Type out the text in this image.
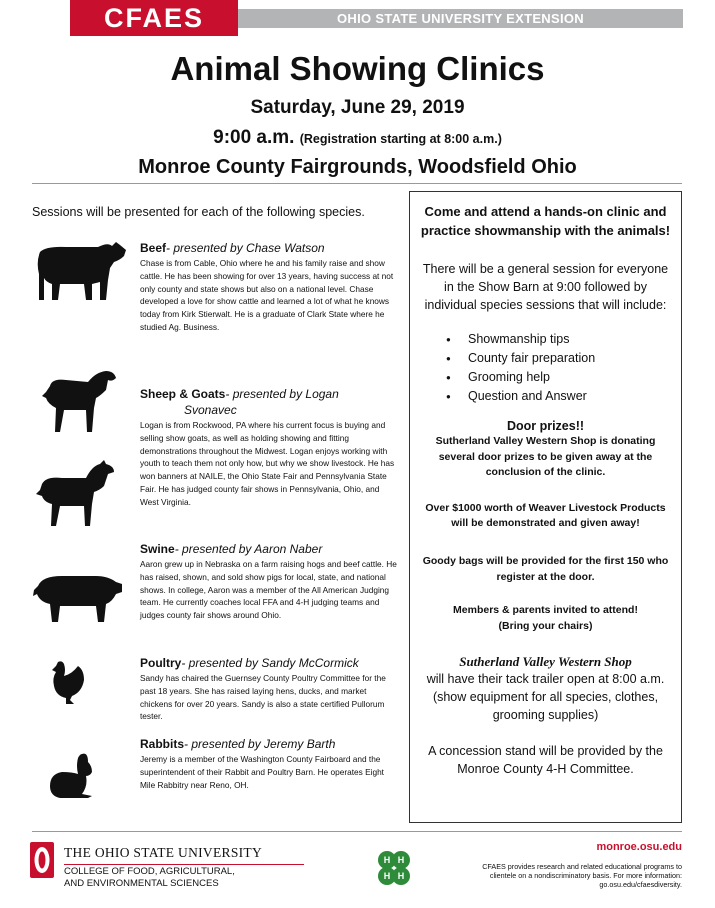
CFAES	OHIO STATE UNIVERSITY EXTENSION
Animal Showing Clinics
Saturday, June 29, 2019
9:00 a.m. (Registration starting at 8:00 a.m.)
Monroe County Fairgrounds, Woodsfield Ohio
Sessions will be presented for each of the following species.
Beef- presented by Chase Watson

Chase is from Cable, Ohio where he and his family raise and show cattle. He has been showing for over 13 years, having success at not only county and state shows but also on a national level. Chase developed a love for show cattle and learned a lot of what he knows today from Kirk Stierwalt. He is a graduate of Clark State where he studied Ag. Business.

Sheep & Goats- presented by Logan
Svonavec

Logan is from Rockwood, PA where his current focus is buying and selling show goats, as well as holding showing and fitting demonstrations throughout the Midwest. Logan enjoys working with youth to teach them not only how, but why we show livestock. He has won banners at NAILE, the Ohio State Fair and Pennsylvania State Fair. He has judged county fair shows in Pennsylvania, Ohio, and West Virginia.

Swine- presented by Aaron Naber

Aaron grew up in Nebraska on a farm raising hogs and beef cattle. He has raised, shown, and sold show pigs for local, state, and national shows. In college, Aaron was a member of the All American Judging team. He currently coaches local FFA and 4-H judging teams and judges county fair shows around Ohio.

Poultry- presented by Sandy McCormick

Sandy has chaired the Guernsey County Poultry Committee for the past 18 years. She has raised laying hens, ducks, and market chickens for over 20 years. Sandy is also a state certified Pullorum tester.

Rabbits- presented by Jeremy Barth

Jeremy is a member of the Washington County Fairboard and the superintendent of their Rabbit and Poultry Barn. He operates Eight Mile Rabbitry near Reno, OH.

Come and attend a hands-on clinic and practice showmanship with the animals!
There will be a general session for everyone in the Show Barn at 9:00 followed by individual species sessions that will include:
● Showmanship tips
● County fair preparation
● Grooming help
● Question and Answer
Door prizes!!
Sutherland Valley Western Shop is donating several door prizes to be given away at the conclusion of the clinic.
Over $1000 worth of Weaver Livestock Products will be demonstrated and given away!
Goody bags will be provided for the first 150 who register at the door.
Members & parents invited to attend!
(Bring your chairs)
Sutherland Valley Western Shop
will have their tack trailer open at 8:00 a.m. (show equipment for all species, clothes, grooming supplies)
A concession stand will be provided by the Monroe County 4-H Committee.
THE OHIO STATE UNIVERSITY
COLLEGE OF FOOD, AGRICULTURAL,
AND ENVIRONMENTAL SCIENCES
H H
H H
monroe.osu.edu
CFAES provides research and related educational programs to clientele on a nondiscriminatory basis. For more information: go.osu.edu/cfaesdiversity.
